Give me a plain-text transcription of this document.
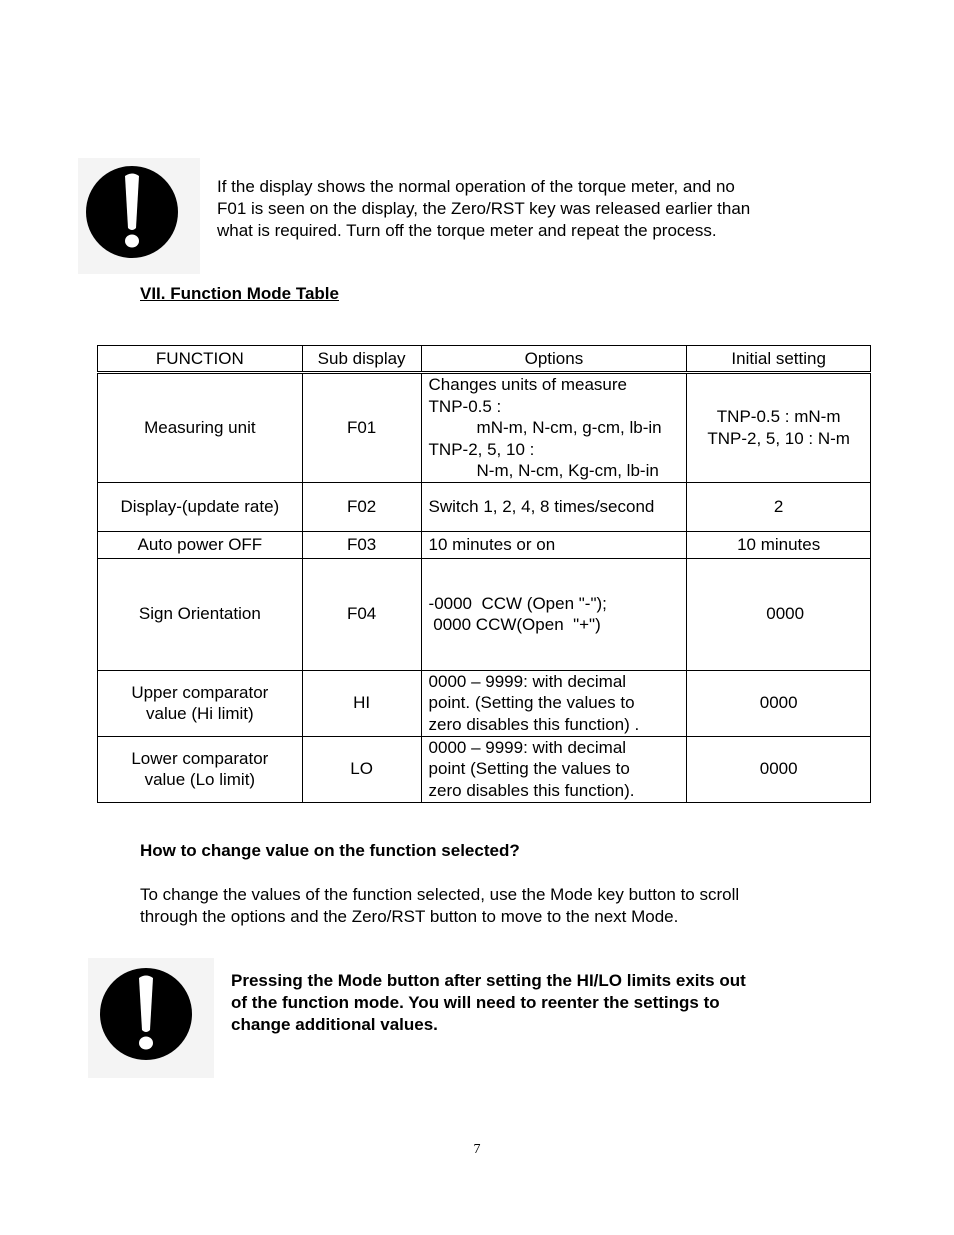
If the display shows the normal operation of the torque meter, and no
F01 is seen on the display, the Zero/RST key was released earlier than
what is required. Turn off the torque meter and repeat the process.
VII. Function Mode Table
FUNCTION	Sub display	Options	Initial setting
Measuring unit	F01	Changes units of measure
TNP-0.5 :
mN-m, N-cm, g-cm, lb-in
TNP-2, 5, 10 :
N-m, N-cm, Kg-cm, lb-in	TNP-0.5 : mN-m
TNP-2, 5, 10 : N-m

Display-(update rate)	F02	Switch 1, 2, 4, 8 times/second	2
Auto power OFF	F03	10 minutes or on	10 minutes
Sign Orientation	F04	-0000  CCW (Open "-");
0000 CCW(Open  "+")	0000

Upper comparator
value (Hi limit)	HI	0000 – 9999: with decimal
point. (Setting the values to
zero disables this function) .	0000

Lower comparator
value (Lo limit)	LO	0000 – 9999: with decimal
point (Setting the values to
zero disables this function).	0000
How to change value on the function selected?
To change the values of the function selected, use the Mode key button to scroll
through the options and the Zero/RST button to move to the next Mode.
Pressing the Mode button after setting the HI/LO limits exits out
of the function mode. You will need to reenter the settings to
change additional values.
7
